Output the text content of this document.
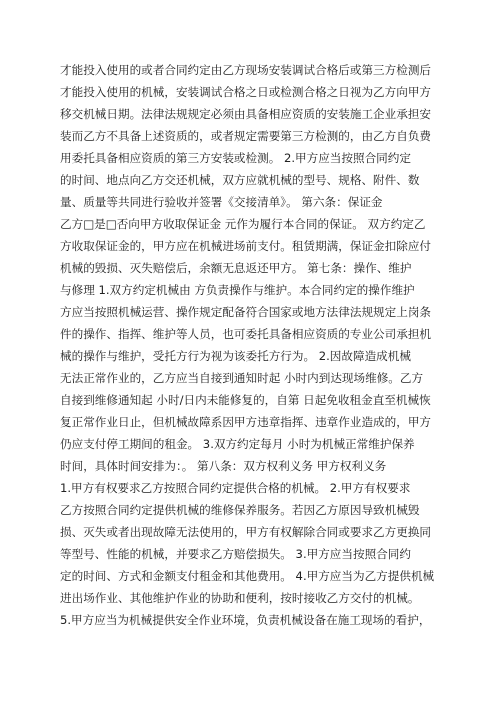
才能投入使用的或者合同约定由乙方现场安装调试合格后或第三方检测后
才能投入使用的机械，安装调试合格之日或检测合格之日视为乙方向甲方
移交机械日期。法律法规规定必须由具备相应资质的安装施工企业承担安
装而乙方不具备上述资质的，或者规定需要第三方检测的，由乙方自负费
用委托具备相应资质的第三方安装或检测。 2.甲方应当按照合同约定
的时间、地点向乙方交还机械，双方应就机械的型号、规格、附件、数
量、质量等共同进行验收并签署《交接清单》。 第六条：保证金
乙方□是□否向甲方收取保证金 元作为履行本合同的保证。 双方约定乙
方收取保证金的，甲方应在机械进场前支付。租赁期满，保证金扣除应付
机械的毁损、灭失赔偿后，余额无息返还甲方。 第七条：操作、维护
与修理 1.双方约定机械由 方负责操作与维护。本合同约定的操作维护
方应当按照机械运营、操作规定配备符合国家或地方法律法规规定上岗条
件的操作、指挥、维护等人员，也可委托具备相应资质的专业公司承担机
械的操作与维护，受托方行为视为该委托方行为。 2.因故障造成机械
无法正常作业的，乙方应当自接到通知时起 小时内到达现场维修。乙方
自接到维修通知起 小时/日内未能修复的，自第 日起免收租金直至机械恢
复正常作业日止，但机械故障系因甲方违章指挥、违章作业造成的，甲方
仍应支付停工期间的租金。 3.双方约定每月 小时为机械正常维护保养
时间，具体时间安排为：。 第八条：双方权利义务 甲方权利义务
1.甲方有权要求乙方按照合同约定提供合格的机械。 2.甲方有权要求
乙方按照合同约定提供机械的维修保养服务。若因乙方原因导致机械毁
损、灭失或者出现故障无法使用的，甲方有权解除合同或要求乙方更换同
等型号、性能的机械，并要求乙方赔偿损失。 3.甲方应当按照合同约
定的时间、方式和金额支付租金和其他费用。 4.甲方应当为乙方提供机械
进出场作业、其他维护作业的协助和便利，按时接收乙方交付的机械。
5.甲方应当为机械提供安全作业环境，负责机械设备在施工现场的看护，
